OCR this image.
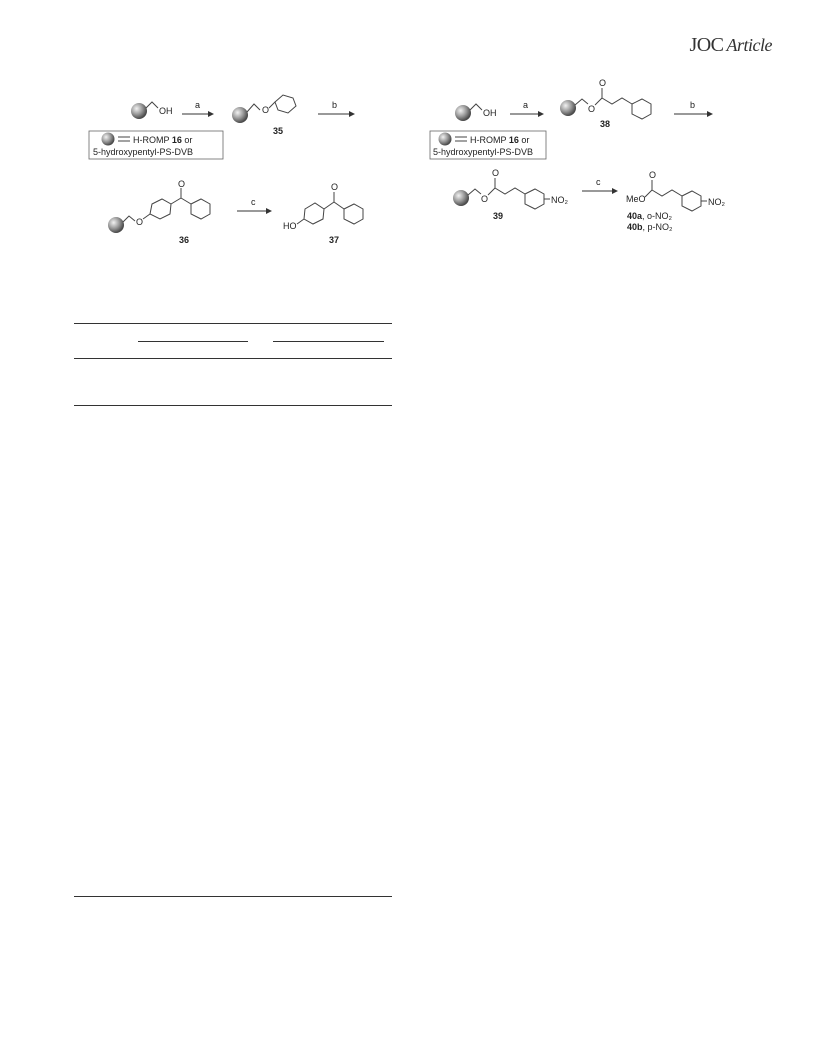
JOC Article
OH
a	O
35
b
H-ROMP 16 or
5-hydroxypentyl-PS-DVB
O
O
36
c
HO
O
37
OH
a	O
O
38
b
H-ROMP 16 or
5-hydroxypentyl-PS-DVB
O
O
NO₂
39
c
MeO
O
NO₂
40a, o-NO₂
40b, p-NO₂
